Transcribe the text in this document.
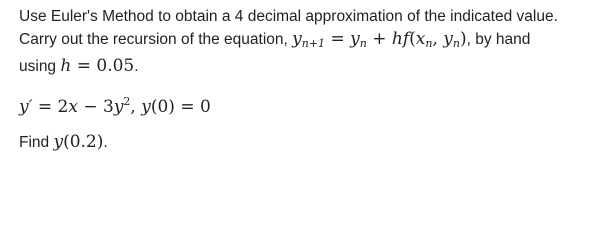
Use Euler's Method to obtain a 4 decimal approximation of the indicated value.
Carry out the recursion of the equation, $y_{n+1} = y_n + hf(x_n$, $y_n$), by hand
using h = 0.05.
$y' = 2x - 3y^2$, y(0) = 0
Find y(0.2).
